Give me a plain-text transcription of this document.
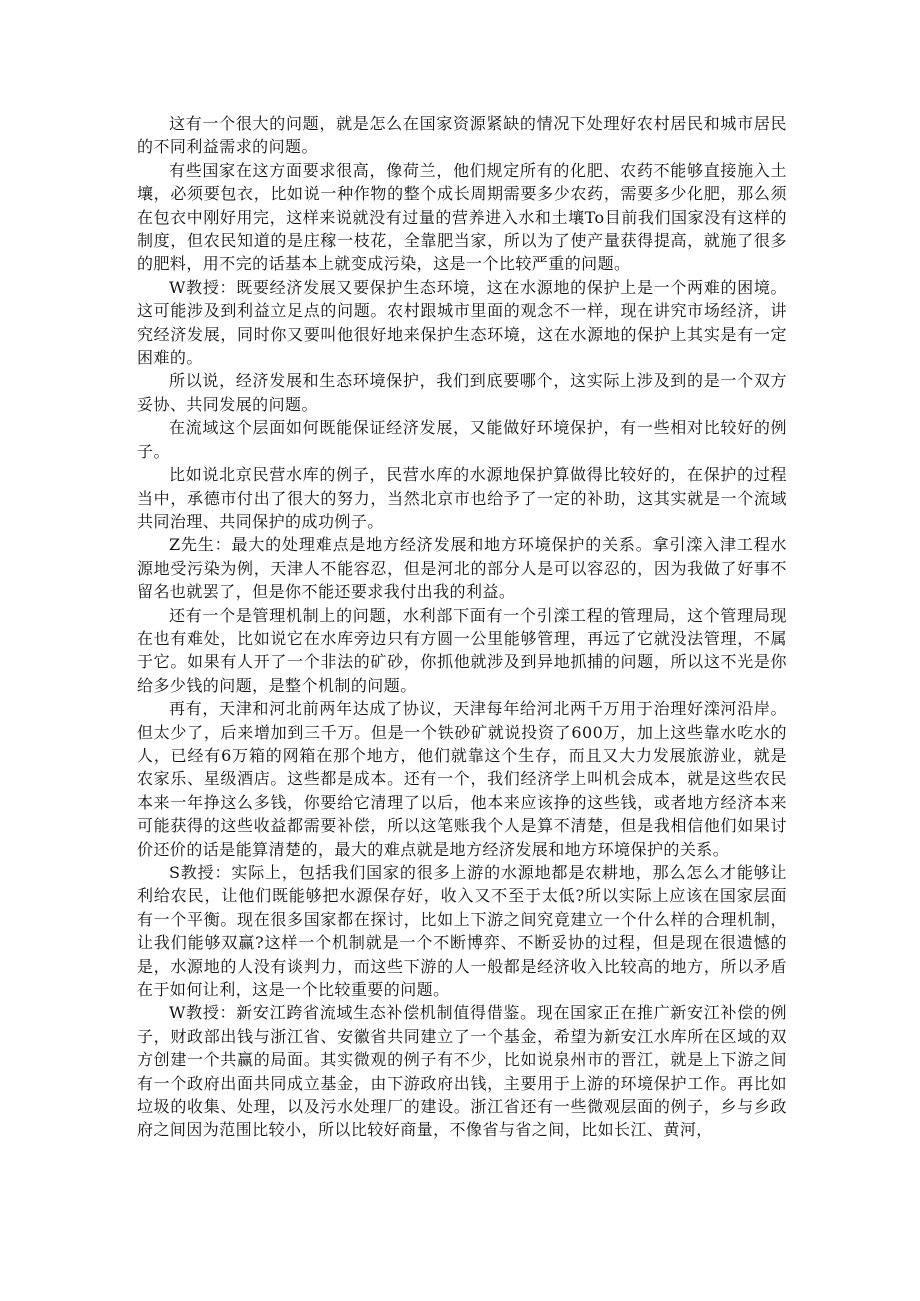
这有一个很大的问题，就是怎么在国家资源紧缺的情况下处理好农村居民和城市居民的不同利益需求的问题。

有些国家在这方面要求很高，像荷兰，他们规定所有的化肥、农药不能够直接施入土壤，必须要包衣，比如说一种作物的整个成长周期需要多少农药，需要多少化肥，那么须在包衣中刚好用完，这样来说就没有过量的营养进入水和土壤To目前我们国家没有这样的制度，但农民知道的是庄稼一枝花，全靠肥当家，所以为了使产量获得提高，就施了很多的肥料，用不完的话基本上就变成污染，这是一个比较严重的问题。

W教授：既要经济发展又要保护生态环境，这在水源地的保护上是一个两难的困境。这可能涉及到利益立足点的问题。农村跟城市里面的观念不一样，现在讲究市场经济，讲究经济发展，同时你又要叫他很好地来保护生态环境，这在水源地的保护上其实是有一定困难的。

所以说，经济发展和生态环境保护，我们到底要哪个，这实际上涉及到的是一个双方妥协、共同发展的问题。

在流域这个层面如何既能保证经济发展，又能做好环境保护，有一些相对比较好的例子。

比如说北京民营水库的例子，民营水库的水源地保护算做得比较好的，在保护的过程当中，承德市付出了很大的努力，当然北京市也给予了一定的补助，这其实就是一个流域共同治理、共同保护的成功例子。

Z先生：最大的处理难点是地方经济发展和地方环境保护的关系。拿引滦入津工程水源地受污染为例，天津人不能容忍，但是河北的部分人是可以容忍的，因为我做了好事不留名也就罢了，但是你不能还要求我付出我的利益。

还有一个是管理机制上的问题，水利部下面有一个引滦工程的管理局，这个管理局现在也有难处，比如说它在水库旁边只有方圆一公里能够管理，再远了它就没法管理，不属于它。如果有人开了一个非法的矿砂，你抓他就涉及到异地抓捕的问题，所以这不光是你给多少钱的问题，是整个机制的问题。

再有，天津和河北前两年达成了协议，天津每年给河北两千万用于治理好滦河沿岸。但太少了，后来增加到三千万。但是一个铁砂矿就说投资了600万，加上这些靠水吃水的人，已经有6万箱的网箱在那个地方，他们就靠这个生存，而且又大力发展旅游业，就是农家乐、星级酒店。这些都是成本。还有一个，我们经济学上叫机会成本，就是这些农民本来一年挣这么多钱，你要给它清理了以后，他本来应该挣的这些钱，或者地方经济本来可能获得的这些收益都需要补偿，所以这笔账我个人是算不清楚，但是我相信他们如果讨价还价的话是能算清楚的，最大的难点就是地方经济发展和地方环境保护的关系。

S教授：实际上，包括我们国家的很多上游的水源地都是农耕地，那么怎么才能够让利给农民，让他们既能够把水源保存好，收入又不至于太低?所以实际上应该在国家层面有一个平衡。现在很多国家都在探讨，比如上下游之间究竟建立一个什么样的合理机制，让我们能够双赢?这样一个机制就是一个不断博弈、不断妥协的过程，但是现在很遗憾的是，水源地的人没有谈判力，而这些下游的人一般都是经济收入比较高的地方，所以矛盾在于如何让利，这是一个比较重要的问题。

W教授：新安江跨省流域生态补偿机制值得借鉴。现在国家正在推广新安江补偿的例子，财政部出钱与浙江省、安徽省共同建立了一个基金，希望为新安江水库所在区域的双方创建一个共赢的局面。其实微观的例子有不少，比如说泉州市的晋江，就是上下游之间有一个政府出面共同成立基金，由下游政府出钱，主要用于上游的环境保护工作。再比如垃圾的收集、处理，以及污水处理厂的建设。浙江省还有一些微观层面的例子，乡与乡政府之间因为范围比较小，所以比较好商量，不像省与省之间，比如长江、黄河，
